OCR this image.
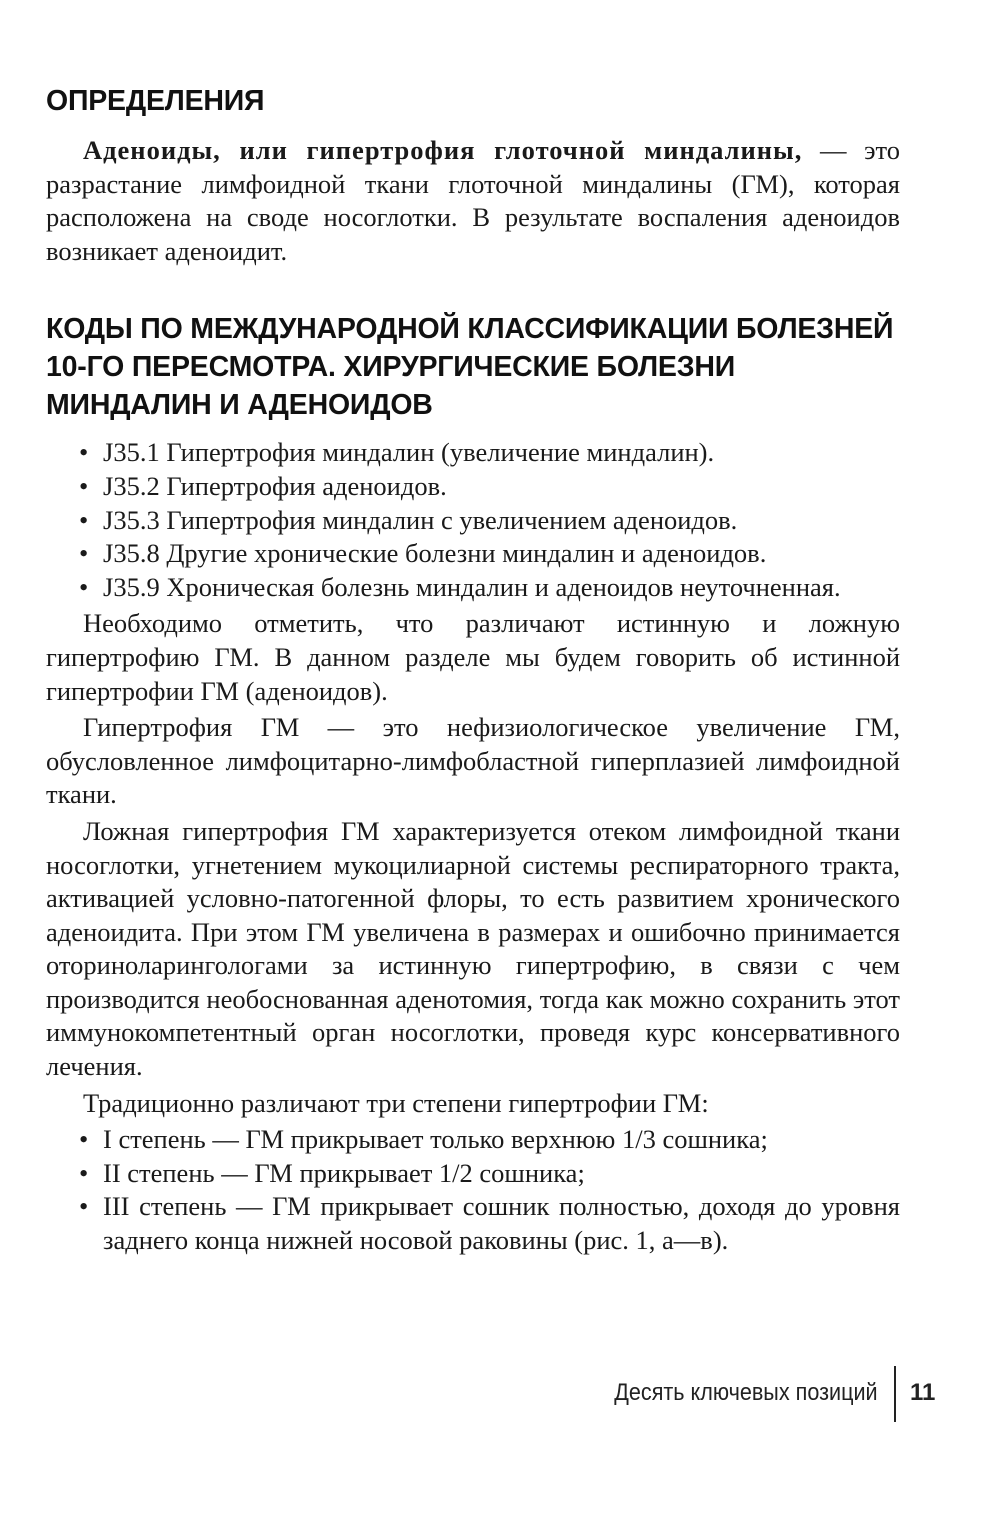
ОПРЕДЕЛЕНИЯ

Аденоиды, или гипертрофия глоточной миндалины, — это разрастание лимфоидной ткани глоточной миндалины (ГМ), которая расположена на своде носоглотки. В результате воспаления аденоидов возникает аденоидит.

КОДЫ ПО МЕЖДУНАРОДНОЙ КЛАССИФИКАЦИИ БОЛЕЗНЕЙ 10-ГО ПЕРЕСМОТРА. ХИРУРГИЧЕСКИЕ БОЛЕЗНИ МИНДАЛИН И АДЕНОИДОВ
• J35.1 Гипертрофия миндалин (увеличение миндалин).
• J35.2 Гипертрофия аденоидов.
• J35.3 Гипертрофия миндалин с увеличением аденоидов.
• J35.8 Другие хронические болезни миндалин и аденоидов.
• J35.9 Хроническая болезнь миндалин и аденоидов неуточненная.

Необходимо отметить, что различают истинную и ложную гипертрофию ГМ. В данном разделе мы будем говорить об истинной гипертрофии ГМ (аденоидов).

Гипертрофия ГМ — это нефизиологическое увеличение ГМ, обусловленное лимфоцитарно-лимфобластной гиперплазией лимфоидной ткани.

Ложная гипертрофия ГМ характеризуется отеком лимфоидной ткани носоглотки, угнетением мукоцилиарной системы респираторного тракта, активацией условно-патогенной флоры, то есть развитием хронического аденоидита. При этом ГМ увеличена в размерах и ошибочно принимается оториноларингологами за истинную гипертрофию, в связи с чем производится необоснованная аденотомия, тогда как можно сохранить этот иммунокомпетентный орган носоглотки, проведя курс консервативного лечения.

Традиционно различают три степени гипертрофии ГМ:

• I степень — ГМ прикрывает только верхнюю 1/3 сошника;
• II степень — ГМ прикрывает 1/2 сошника;
• III степень — ГМ прикрывает сошник полностью, доходя до уровня заднего конца нижней носовой раковины (рис. 1, а—в).
Десять ключевых позиций 11
